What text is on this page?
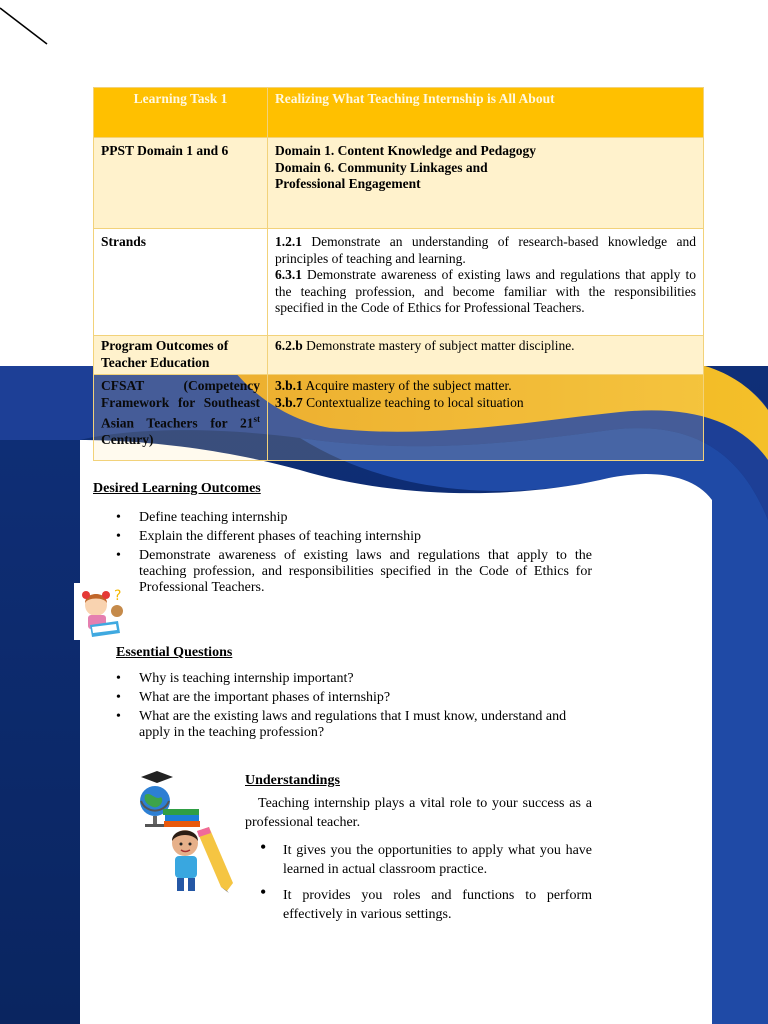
Learning Task 1	Realizing What Teaching Internship is All About
PPST Domain 1 and 6	Domain 1. Content Knowledge and Pedagogy
Domain 6. Community Linkages and Professional Engagement

Strands	1.2.1 Demonstrate an understanding of research-based knowledge and principles of teaching and learning.
6.3.1 Demonstrate awareness of existing laws and regulations that apply to the teaching profession, and become familiar with the responsibilities specified in the Code of Ethics for Professional Teachers.

Program Outcomes of Teacher Education	6.2.b Demonstrate mastery of subject matter discipline.
CFSAT (Competency Framework for Southeast Asian Teachers for 21st Century)	3.b.1 Acquire mastery of the subject matter.
3.b.7 Contextualize teaching to local situation
Desired Learning Outcomes
• Define teaching internship
• Explain the different phases of teaching internship
• Demonstrate awareness of existing laws and regulations that apply to the teaching profession, and responsibilities specified in the Code of Ethics for Professional Teachers.
?
Essential Questions
• Why is teaching internship important?
• What are the important phases of internship?
• What are the existing laws and regulations that I must know, understand and apply in the teaching profession?
Understandings
Teaching internship plays a vital role to your success as a professional teacher.
• It gives you the opportunities to apply what you have learned in actual classroom practice.
• It provides you roles and functions to perform effectively in various settings.
